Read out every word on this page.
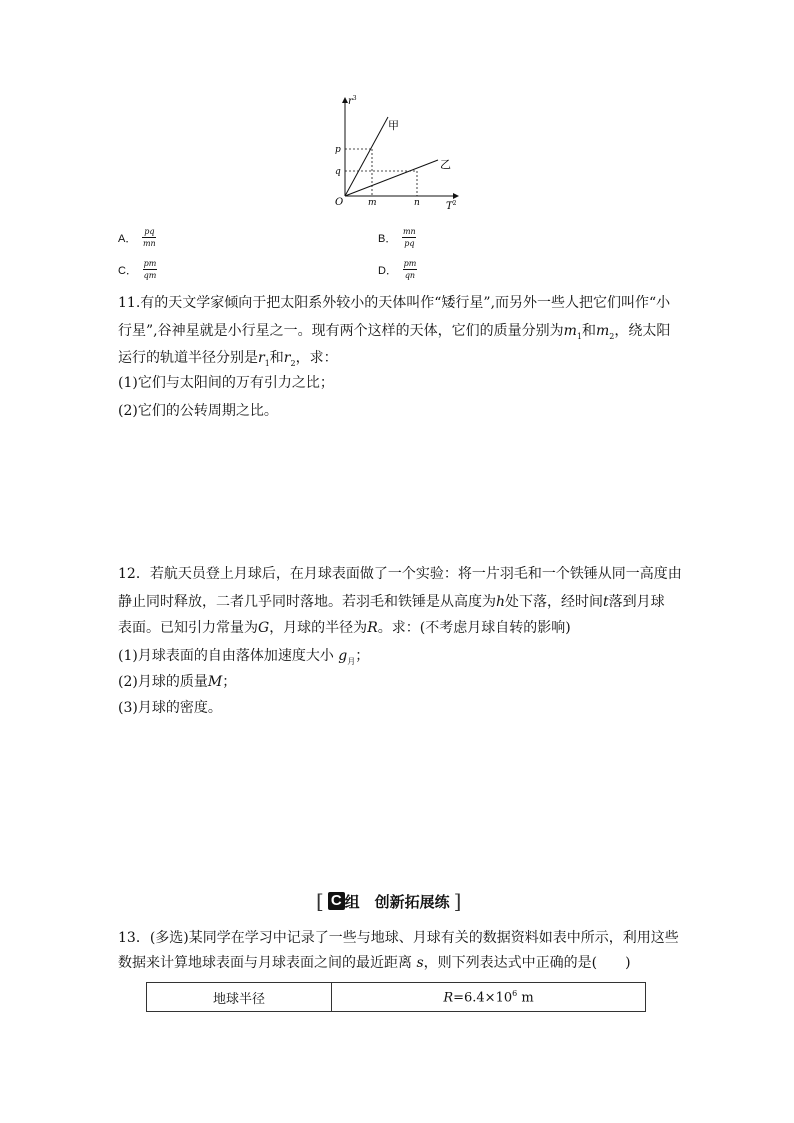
$r^3$
$T^2$
O
p
q
m	n
甲
乙
A． $\frac{pq}{mn}$	B． $\frac{mn}{pq}$
C． $\frac{pm}{qm}$	D． $\frac{pm}{qn}$
11.有的天文学家倾向于把太阳系外较小的天体叫作“矮行星”,而另外一些人把它们叫作“小
行星”,谷神星就是小行星之一。现有两个这样的天体，它们的质量分别为$m_1$和$m_2$，绕太阳
运行的轨道半径分别是$r_1$和$r_2$，求：
(1)它们与太阳间的万有引力之比；
(2)它们的公转周期之比。
12．若航天员登上月球后，在月球表面做了一个实验：将一片羽毛和一个铁锤从同一高度由
静止同时释放，二者几乎同时落地。若羽毛和铁锤是从高度为h处下落，经时间t落到月球
表面。已知引力常量为G，月球的半径为R。求：(不考虑月球自转的影响)
(1)月球表面的自由落体加速度大小 $g_月$；
(2)月球的质量M；
(3)月球的密度。
[ C 组　创新拓展练 ]
13．(多选)某同学在学习中记录了一些与地球、月球有关的数据资料如表中所示，利用这些
数据来计算地球表面与月球表面之间的最近距离 s，则下列表达式中正确的是(　　)
地球半径	$R=6.4\times 10^6$ m
